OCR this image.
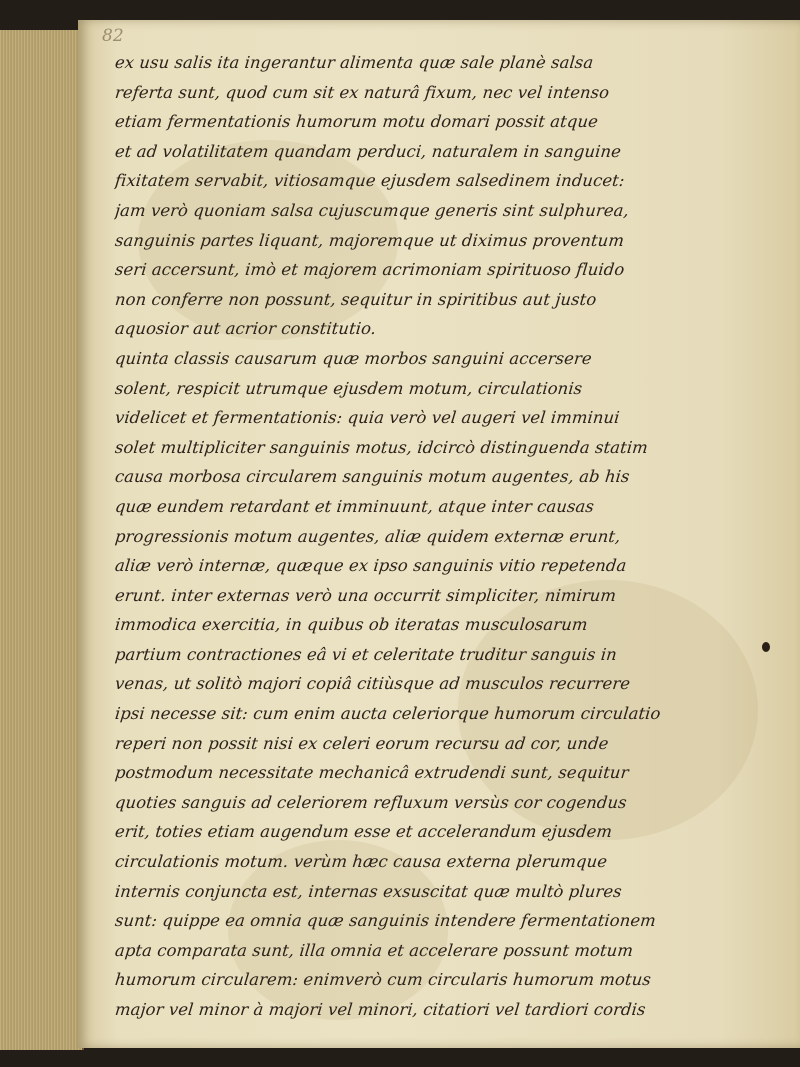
82
ex usu salis ita ingerantur alimenta quæ sale planè salsa
referta sunt, quod cum sit ex naturâ fixum, nec vel intenso
etiam fermentationis humorum motu domari possit atque
et ad volatilitatem quandam perduci, naturalem in sanguine
fixitatem servabit, vitiosamque ejusdem salsedinem inducet:
jam verò quoniam salsa cujuscumque generis sint sulphurea,
sanguinis partes liquant, majoremque ut diximus proventum
seri accersunt, imò et majorem acrimoniam spirituoso fluido
non conferre non possunt, sequitur in spiritibus aut justo
aquosior aut acrior constitutio.
quinta classis causarum quæ morbos sanguini accersere
solent, respicit utrumque ejusdem motum, circulationis
videlicet et fermentationis: quia verò vel augeri vel imminui
solet multipliciter sanguinis motus, idcircò distinguenda statim
causa morbosa circularem sanguinis motum augentes, ab his
quæ eundem retardant et imminuunt, atque inter causas
progressionis motum augentes, aliæ quidem externæ erunt,
aliæ verò internæ, quæque ex ipso sanguinis vitio repetenda
erunt. inter externas verò una occurrit simpliciter, nimirum
immodica exercitia, in quibus ob iteratas musculosarum
partium contractiones eâ vi et celeritate truditur sanguis in
venas, ut solitò majori copiâ citiùsque ad musculos recurrere
ipsi necesse sit: cum enim aucta celeriorque humorum circulatio
reperi non possit nisi ex celeri eorum recursu ad cor, unde
postmodum necessitate mechanicâ extrudendi sunt, sequitur
quoties sanguis ad celeriorem refluxum versùs cor cogendus
erit, toties etiam augendum esse et accelerandum ejusdem
circulationis motum. verùm hæc causa externa plerumque
internis conjuncta est, internas exsuscitat quæ multò plures
sunt: quippe ea omnia quæ sanguinis intendere fermentationem
apta comparata sunt, illa omnia et accelerare possunt motum
humorum circularem: enimverò cum circularis humorum motus
major vel minor à majori vel minori, citatiori vel tardiori cordis
